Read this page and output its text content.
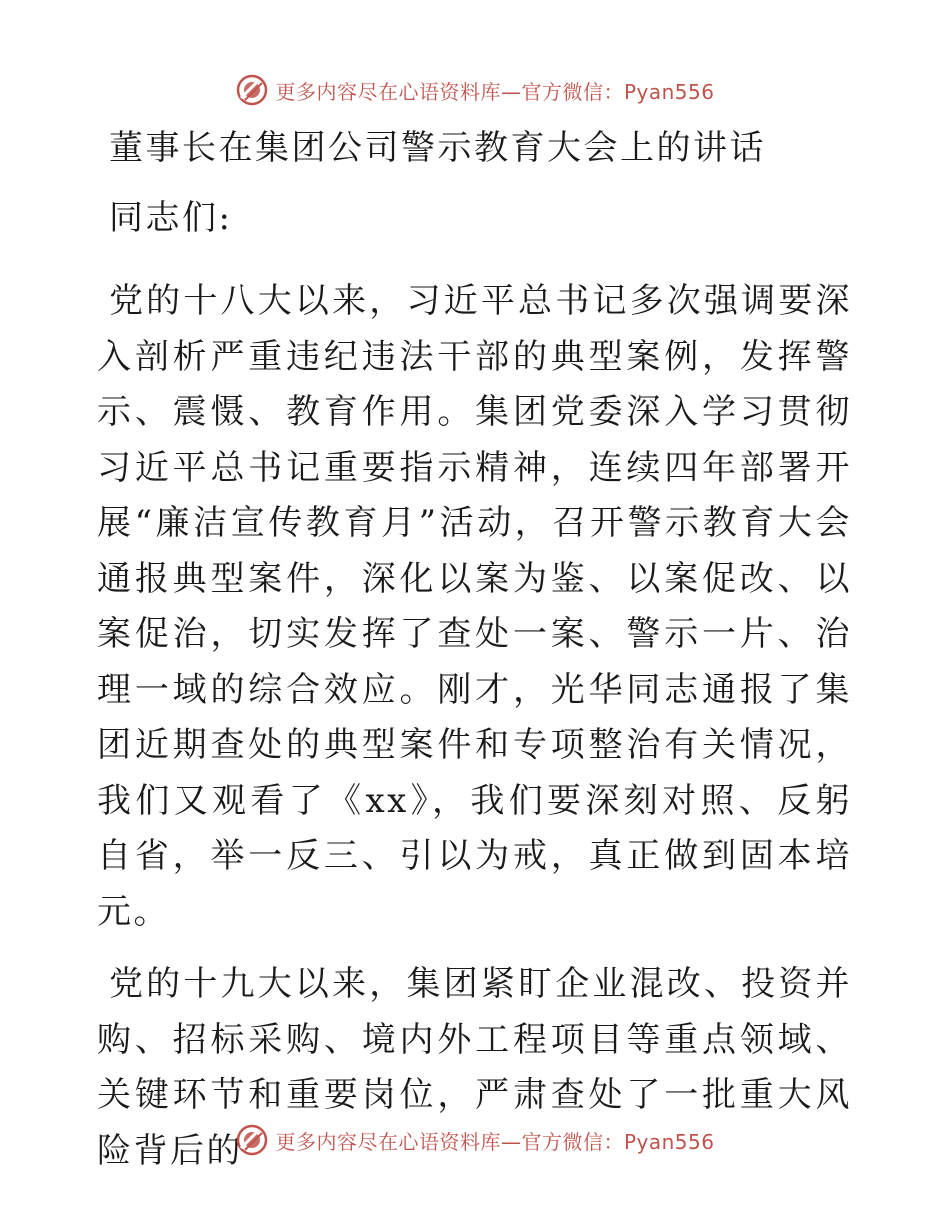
更多内容尽在心语资料库—官方微信：Pyan556
董事长在集团公司警示教育大会上的讲话

同志们:

党的十八大以来，习近平总书记多次强调要深入剖析严重违纪违法干部的典型案例，发挥警示、震慑、教育作用。集团党委深入学习贯彻习近平总书记重要指示精神，连续四年部署开展“廉洁宣传教育月”活动，召开警示教育大会通报典型案件，深化以案为鉴、以案促改、以案促治，切实发挥了查处一案、警示一片、治理一域的综合效应。刚才，光华同志通报了集团近期查处的典型案件和专项整治有关情况，我们又观看了《xx》，我们要深刻对照、反躬自省，举一反三、引以为戒，真正做到固本培元。

党的十九大以来，集团紧盯企业混改、投资并购、招标采购、境内外工程项目等重点领域、关键环节和重要岗位，严肃查处了一批重大风险背后的	更多内容尽在心语资料库—官方微信：Pyan556
